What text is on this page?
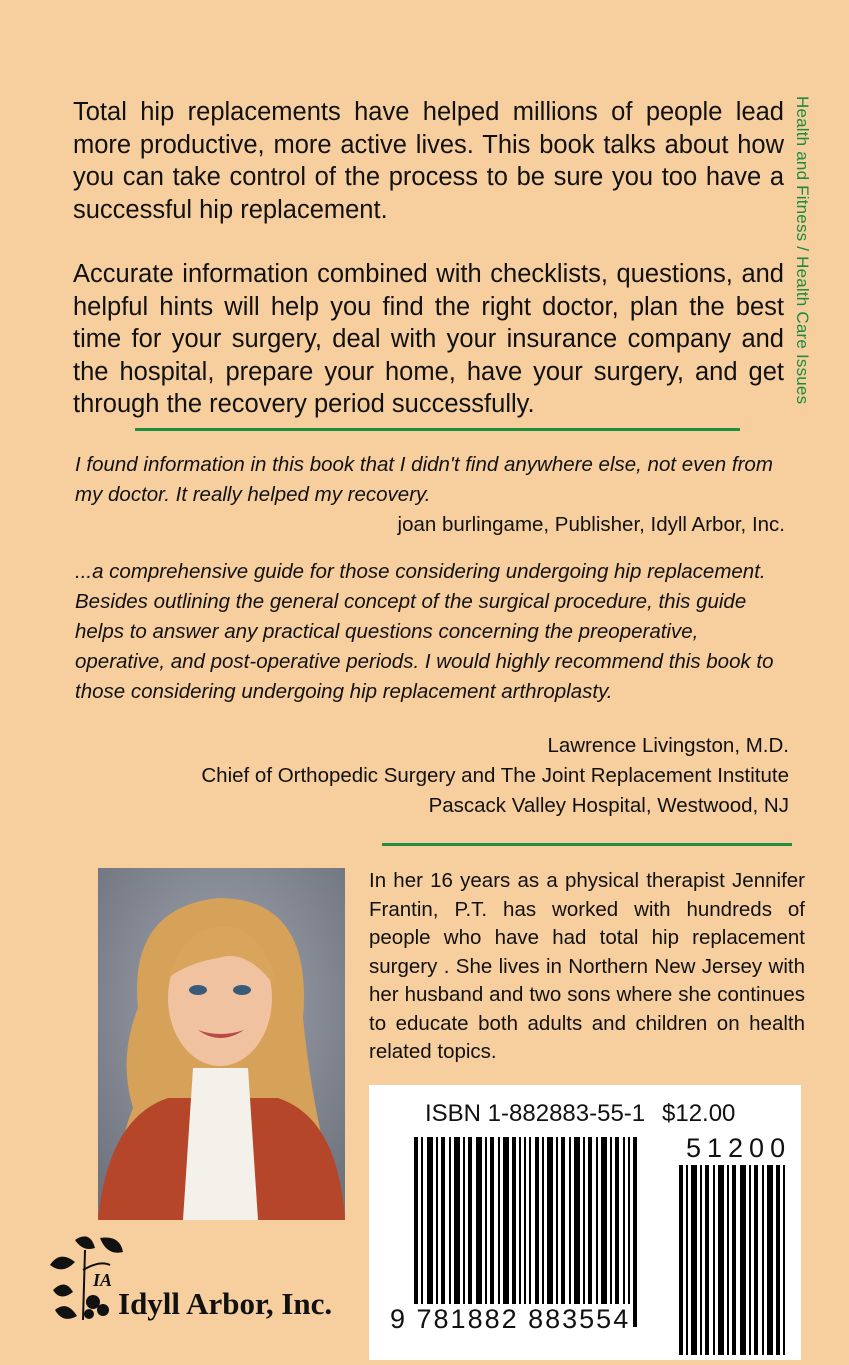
Total hip replacements have helped millions of people lead more productive, more active lives. This book talks about how you can take control of the process to be sure you too have a successful hip replacement.

Accurate information combined with checklists, questions, and helpful hints will help you find the right doctor, plan the best time for your surgery, deal with your insurance company and the hospital, prepare your home, have your surgery, and get through the recovery period successfully.	Health and Fitness / Health Care Issues

I found information in this book that I didn't find anywhere else, not even from my doctor. It really helped my recovery.

joan burlingame, Publisher, Idyll Arbor, Inc.

...a comprehensive guide for those considering undergoing hip replacement. Besides outlining the general concept of the surgical procedure, this guide helps to answer any practical questions concerning the preoperative, operative, and post-operative periods. I would highly recommend this book to those considering undergoing hip replacement arthroplasty.

Lawrence Livingston, M.D.

Chief of Orthopedic Surgery and The Joint Replacement Institute

Pascack Valley Hospital, Westwood, NJ

In her 16 years as a physical therapist Jennifer Frantin, P.T. has worked with hundreds of people who have had total hip replacement surgery . She lives in Northern New Jersey with her husband and two sons where she continues to educate both adults and children on health related topics.

ISBN 1-882883-55-1 $12.00
51200
9 781882 883554
IA
Idyll Arbor, Inc.
